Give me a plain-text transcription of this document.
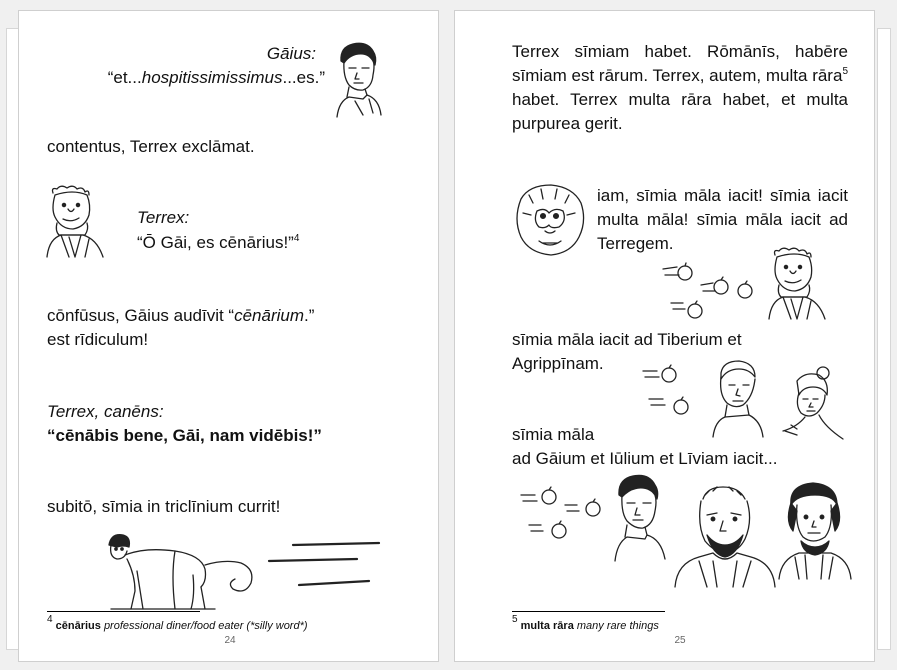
Gāius:

“et...hospitissimissimus...es.”

contentus, Terrex exclāmat.

Terrex:

“Ō Gāi, es cēnārius!”$^4$

cōnfūsus, Gāius audīvit “cēnārium.”

est rīdiculum!

Terrex, canēns:

“cēnābis bene, Gāi, nam vidēbis!”

subitō, sīmia in triclīnium currit!

$^4$ cēnārius professional diner/food eater (*silly word*)
24

Terrex sīmiam habet. Rōmānīs, habēre sīmiam est rārum. Terrex, autem, multa rāra$^5$ habet. Terrex multa rāra habet, et multa purpurea gerit.

iam, sīmia māla iacit! sīmia iacit multa māla! sīmia māla iacit ad Terregem.

sīmia māla iacit ad Tiberium et

Agrippīnam.

sīmia māla

ad Gāium et Iūlium et Līviam iacit...

$^5$ multa rāra many rare things
25
